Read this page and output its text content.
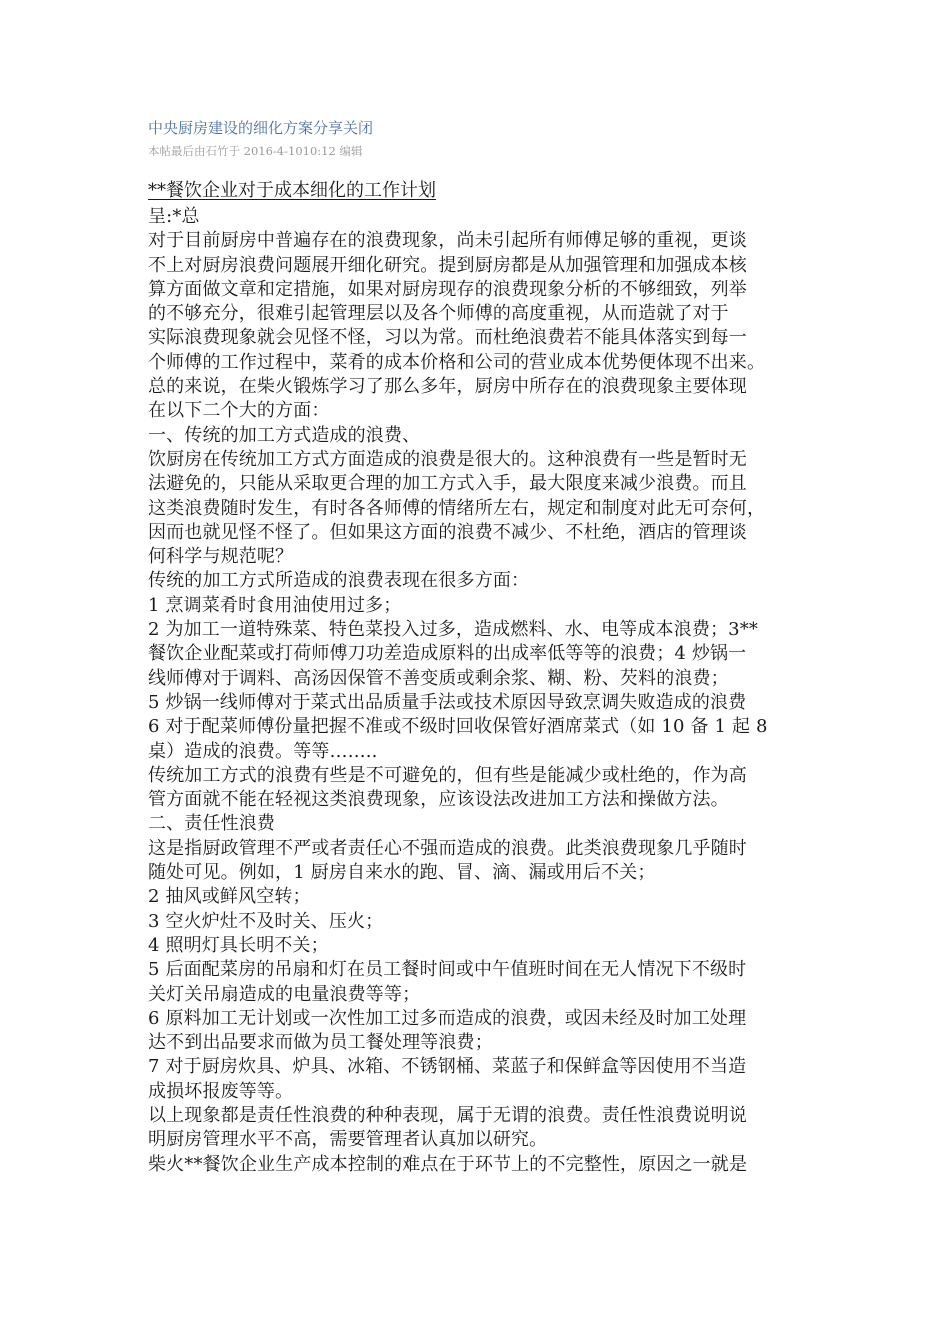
中央厨房建设的细化方案分享关闭
本帖最后由石竹于 2016-4-1010:12 编辑
**餐饮企业对于成本细化的工作计划
呈:*总
对于目前厨房中普遍存在的浪费现象，尚未引起所有师傅足够的重视，更谈
不上对厨房浪费问题展开细化研究。提到厨房都是从加强管理和加强成本核
算方面做文章和定措施，如果对厨房现存的浪费现象分析的不够细致，列举
的不够充分，很难引起管理层以及各个师傅的高度重视，从而造就了对于
实际浪费现象就会见怪不怪，习以为常。而杜绝浪费若不能具体落实到每一
个师傅的工作过程中，菜肴的成本价格和公司的营业成本优势便体现不出来。
总的来说，在柴火锻炼学习了那么多年，厨房中所存在的浪费现象主要体现
在以下二个大的方面：
一、传统的加工方式造成的浪费、
饮厨房在传统加工方式方面造成的浪费是很大的。这种浪费有一些是暂时无
法避免的，只能从采取更合理的加工方式入手，最大限度来减少浪费。而且
这类浪费随时发生，有时各各师傅的情绪所左右，规定和制度对此无可奈何，
因而也就见怪不怪了。但如果这方面的浪费不减少、不杜绝，酒店的管理谈
何科学与规范呢？
传统的加工方式所造成的浪费表现在很多方面：
1 烹调菜肴时食用油使用过多；
2 为加工一道特殊菜、特色菜投入过多，造成燃料、水、电等成本浪费；3**
餐饮企业配菜或打荷师傅刀功差造成原料的出成率低等等的浪费；4 炒锅一
线师傅对于调料、高汤因保管不善变质或剩余浆、糊、粉、芡料的浪费；
5 炒锅一线师傅对于菜式出品质量手法或技术原因导致烹调失败造成的浪费
6 对于配菜师傅份量把握不准或不级时回收保管好酒席菜式（如 10 备 1 起 8
桌）造成的浪费。等等……..
传统加工方式的浪费有些是不可避免的，但有些是能减少或杜绝的，作为高
管方面就不能在轻视这类浪费现象，应该设法改进加工方法和操做方法。
二、责任性浪费
这是指厨政管理不严或者责任心不强而造成的浪费。此类浪费现象几乎随时
随处可见。例如，1 厨房自来水的跑、冒、滴、漏或用后不关；
2 抽风或鲜风空转；
3 空火炉灶不及时关、压火；
4 照明灯具长明不关；
5 后面配菜房的吊扇和灯在员工餐时间或中午值班时间在无人情况下不级时
关灯关吊扇造成的电量浪费等等；
6 原料加工无计划或一次性加工过多而造成的浪费，或因未经及时加工处理
达不到出品要求而做为员工餐处理等浪费；
7 对于厨房炊具、炉具、冰箱、不锈钢桶、菜蓝子和保鲜盒等因使用不当造
成损坏报废等等。
以上现象都是责任性浪费的种种表现，属于无谓的浪费。责任性浪费说明说
明厨房管理水平不高，需要管理者认真加以研究。
柴火**餐饮企业生产成本控制的难点在于环节上的不完整性，原因之一就是
